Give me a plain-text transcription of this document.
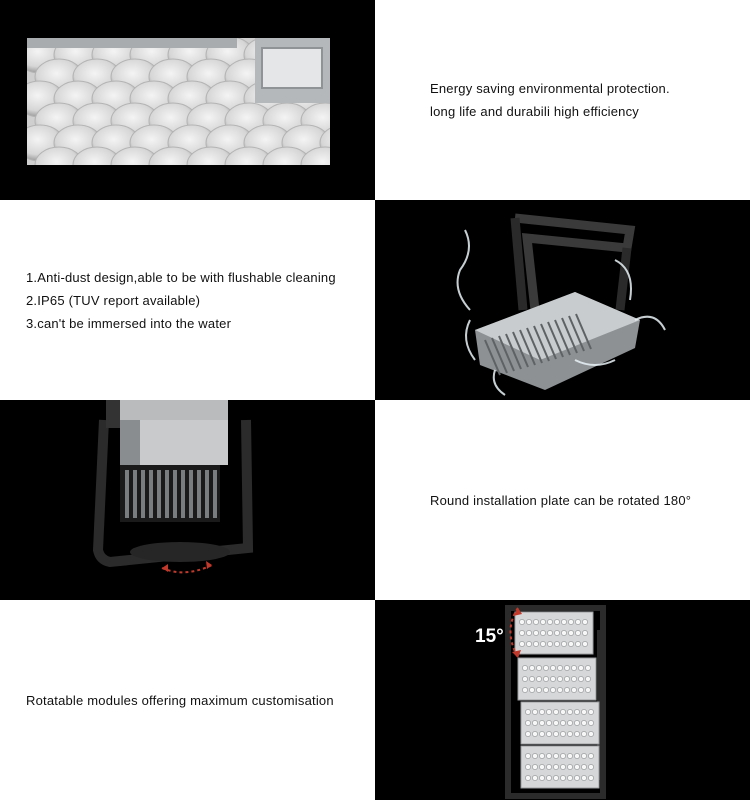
Energy saving environmental protection.

long life and durabili high efficiency

1.Anti-dust design,able to be with flushable cleaning

2.IP65 (TUV report available)

3.can't be immersed into the water

Round installation plate can be rotated 180°

Rotatable modules offering maximum customisation

15°
